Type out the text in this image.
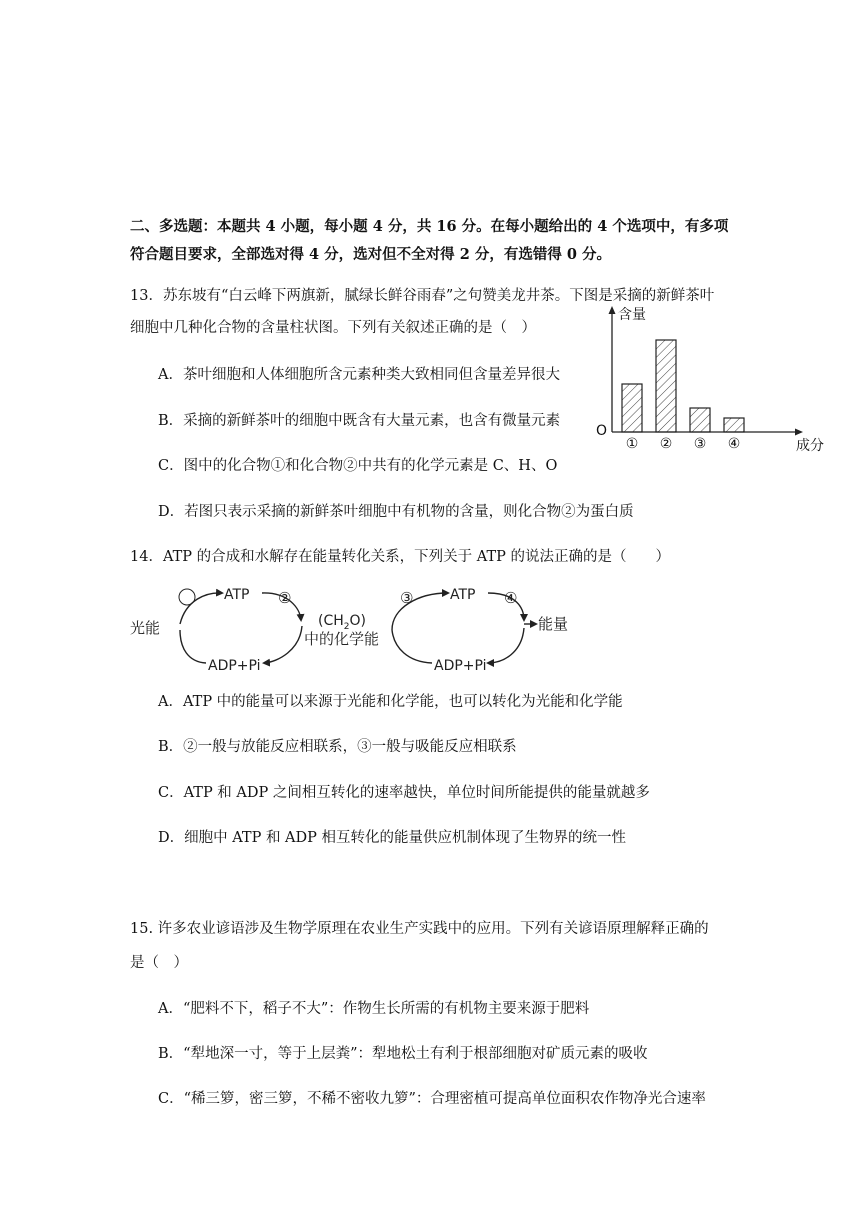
二、多选题：本题共 4 小题，每小题 4 分，共 16 分。在每小题给出的 4 个选项中，有多项
符合题目要求，全部选对得 4 分，选对但不全对得 2 分，有选错得 0 分。
13．苏东坡有“白云峰下两旗新，腻绿长鲜谷雨春”之句赞美龙井茶。下图是采摘的新鲜茶叶
细胞中几种化合物的含量柱状图。下列有关叙述正确的是（　）
A．茶叶细胞和人体细胞所含元素种类大致相同但含量差异很大
B．采摘的新鲜茶叶的细胞中既含有大量元素，也含有微量元素
C．图中的化合物①和化合物②中共有的化学元素是 C、H、O
D．若图只表示采摘的新鲜茶叶细胞中有机物的含量，则化合物②为蛋白质
含量
成分
O
① ② ③ ④
14．ATP 的合成和水解存在能量转化关系，下列关于 ATP 的说法正确的是（　　）
光能
ATP
ADP+Pi
②
$(CH_2O)$
中的化学能
③	ATP
ADP+Pi
④
能量
A．ATP 中的能量可以来源于光能和化学能，也可以转化为光能和化学能
B．②一般与放能反应相联系，③一般与吸能反应相联系
C．ATP 和 ADP 之间相互转化的速率越快，单位时间所能提供的能量就越多
D．细胞中 ATP 和 ADP 相互转化的能量供应机制体现了生物界的统一性
15. 许多农业谚语涉及生物学原理在农业生产实践中的应用。下列有关谚语原理解释正确的
是（　）
A．“肥料不下，稻子不大”：作物生长所需的有机物主要来源于肥料
B．“犁地深一寸，等于上层粪”：犁地松土有利于根部细胞对矿质元素的吸收
C．“稀三箩，密三箩，不稀不密收九箩”：合理密植可提高单位面积农作物净光合速率
